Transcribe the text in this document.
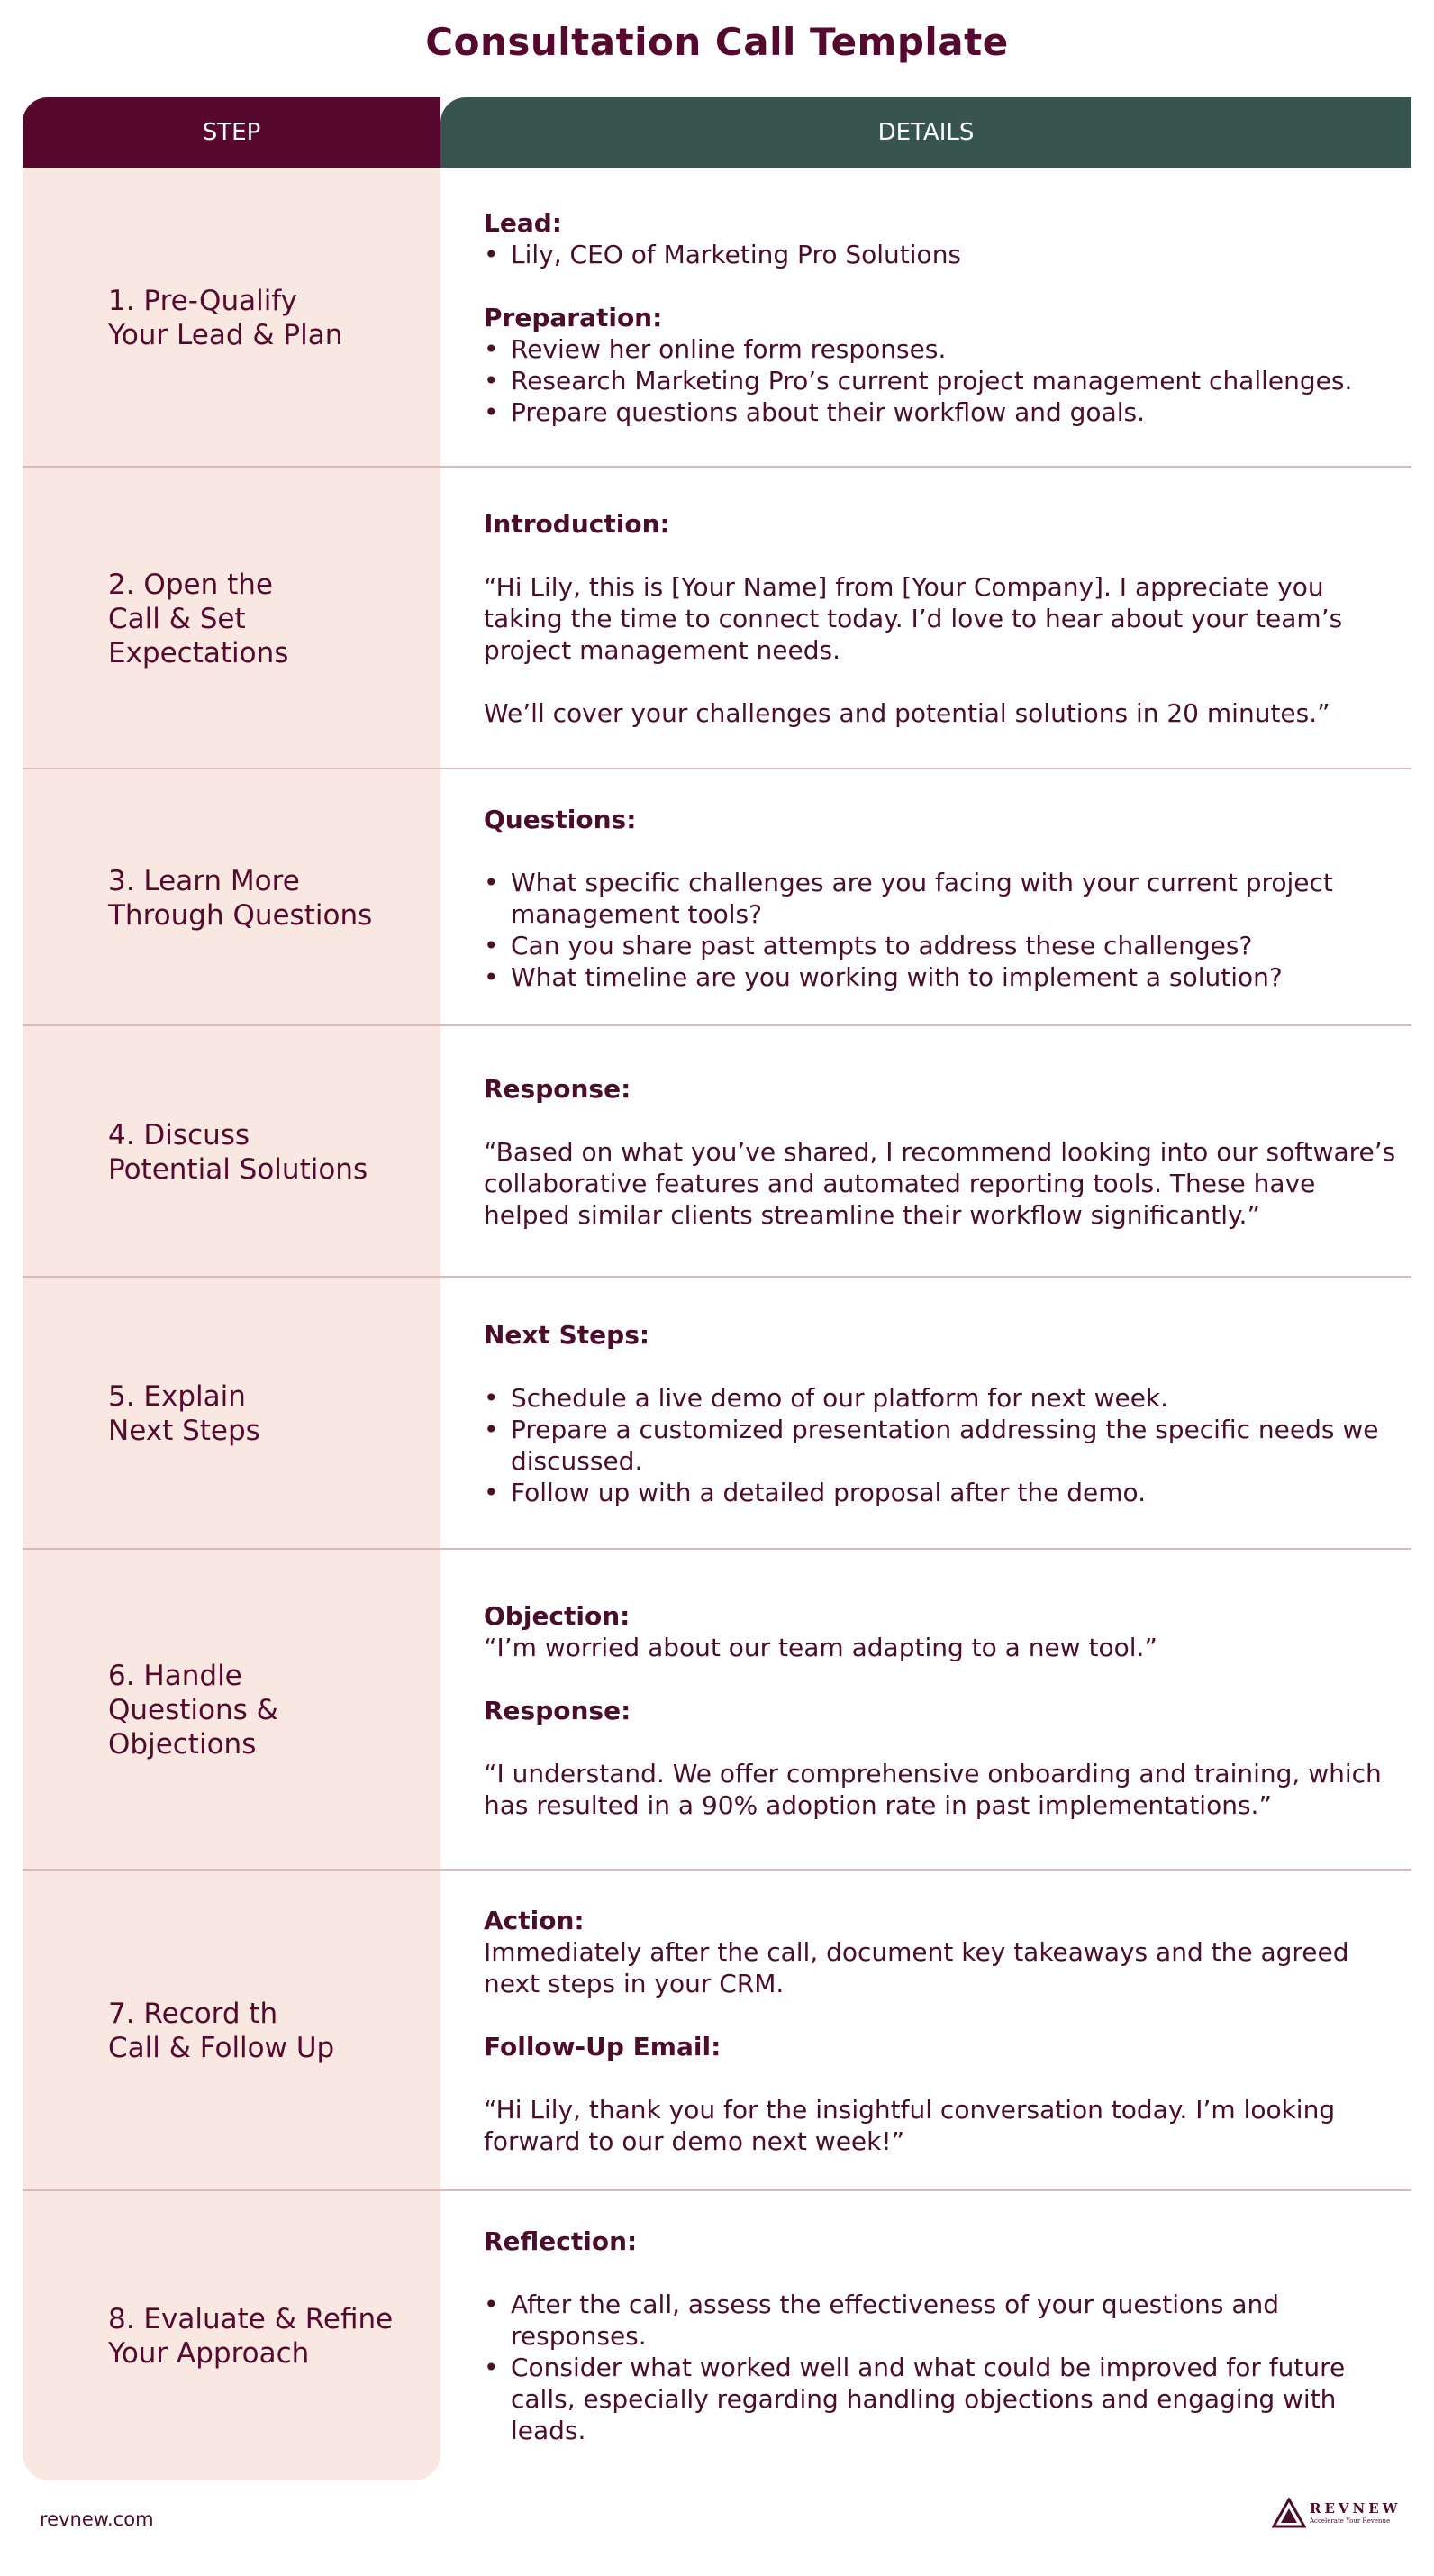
Consultation Call Template
STEP	DETAILS
1. Pre-Qualify
Your Lead & Plan
Lead:
• Lily, CEO of Marketing Pro Solutions
Preparation:
• Review her online form responses.
• Research Marketing Pro’s current project management challenges.
• Prepare questions about their workflow and goals.
2. Open the
Call & Set
Expectations
Introduction:
“Hi Lily, this is [Your Name] from [Your Company]. I appreciate you taking the time to connect today. I’d love to hear about your team’s project management needs.
We’ll cover your challenges and potential solutions in 20 minutes.”
3. Learn More
Through Questions
Questions:
• What specific challenges are you facing with your current project management tools?
• Can you share past attempts to address these challenges?
• What timeline are you working with to implement a solution?
4. Discuss
Potential Solutions
Response:
“Based on what you’ve shared, I recommend looking into our software’s collaborative features and automated reporting tools. These have helped similar clients streamline their workflow significantly.”
5. Explain
Next Steps
Next Steps:
• Schedule a live demo of our platform for next week.
• Prepare a customized presentation addressing the specific needs we discussed.
• Follow up with a detailed proposal after the demo.
6. Handle
Questions &
Objections
Objection:
“I’m worried about our team adapting to a new tool.”
Response:
“I understand. We offer comprehensive onboarding and training, which has resulted in a 90% adoption rate in past implementations.”
7. Record th
Call & Follow Up
Action:
Immediately after the call, document key takeaways and the agreed next steps in your CRM.
Follow-Up Email:
“Hi Lily, thank you for the insightful conversation today. I’m looking forward to our demo next week!”
8. Evaluate & Refine
Your Approach
Reflection:
• After the call, assess the effectiveness of your questions and responses.
• Consider what worked well and what could be improved for future calls, especially regarding handling objections and engaging with leads.
revnew.com	REVNEW
Accelerate Your Revenue
